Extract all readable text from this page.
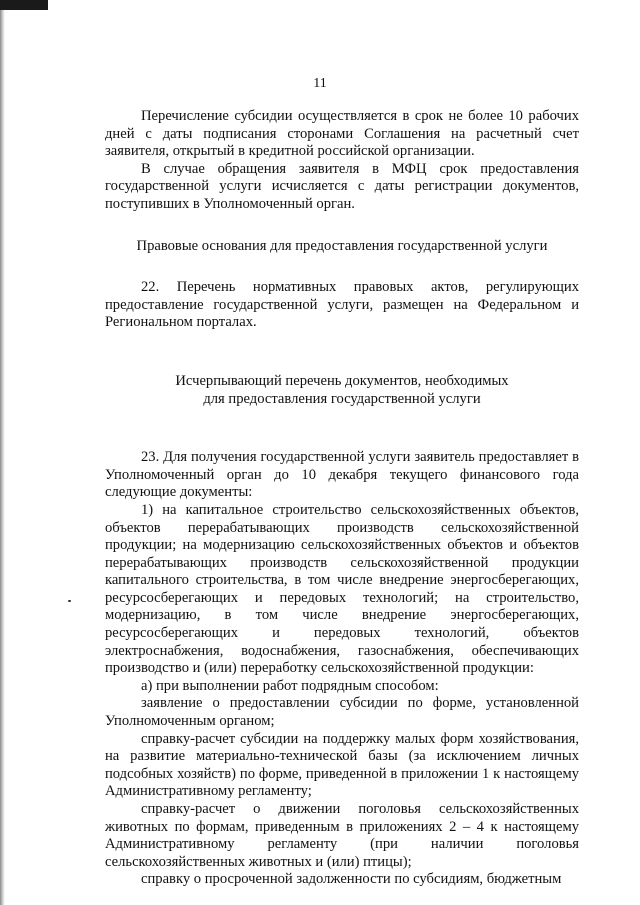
11

Перечисление субсидии осуществляется в срок не более 10 рабочих дней с даты подписания сторонами Соглашения на расчетный счет заявителя, открытый в кредитной российской организации.

В случае обращения заявителя в МФЦ срок предоставления государственной услуги исчисляется с даты регистрации документов, поступивших в Уполномоченный орган.

Правовые основания для предоставления государственной услуги

22. Перечень нормативных правовых актов, регулирующих предоставление государственной услуги, размещен на Федеральном и Региональном порталах.

Исчерпывающий перечень документов, необходимых

для предоставления государственной услуги

23. Для получения государственной услуги заявитель предоставляет в Уполномоченный орган до 10 декабря текущего финансового года следующие документы:

1) на капитальное строительство сельскохозяйственных объектов, объектов перерабатывающих производств сельскохозяйственной продукции; на модернизацию сельскохозяйственных объектов и объектов перерабатывающих производств сельскохозяйственной продукции капитального строительства, в том числе внедрение энергосберегающих, ресурсосберегающих и передовых технологий; на строительство, модернизацию, в том числе внедрение энергосберегающих, ресурсосберегающих и передовых технологий, объектов электроснабжения, водоснабжения, газоснабжения, обеспечивающих производство и (или) переработку сельскохозяйственной продукции:

а) при выполнении работ подрядным способом:

заявление о предоставлении субсидии по форме, установленной Уполномоченным органом;

справку-расчет субсидии на поддержку малых форм хозяйствования, на развитие материально-технической базы (за исключением личных подсобных хозяйств) по форме, приведенной в приложении 1 к настоящему Административному регламенту;

справку-расчет о движении поголовья сельскохозяйственных животных по формам, приведенным в приложениях 2 – 4 к настоящему Административному регламенту (при наличии поголовья сельскохозяйственных животных и (или) птицы);

справку о просроченной задолженности по субсидиям, бюджетным
